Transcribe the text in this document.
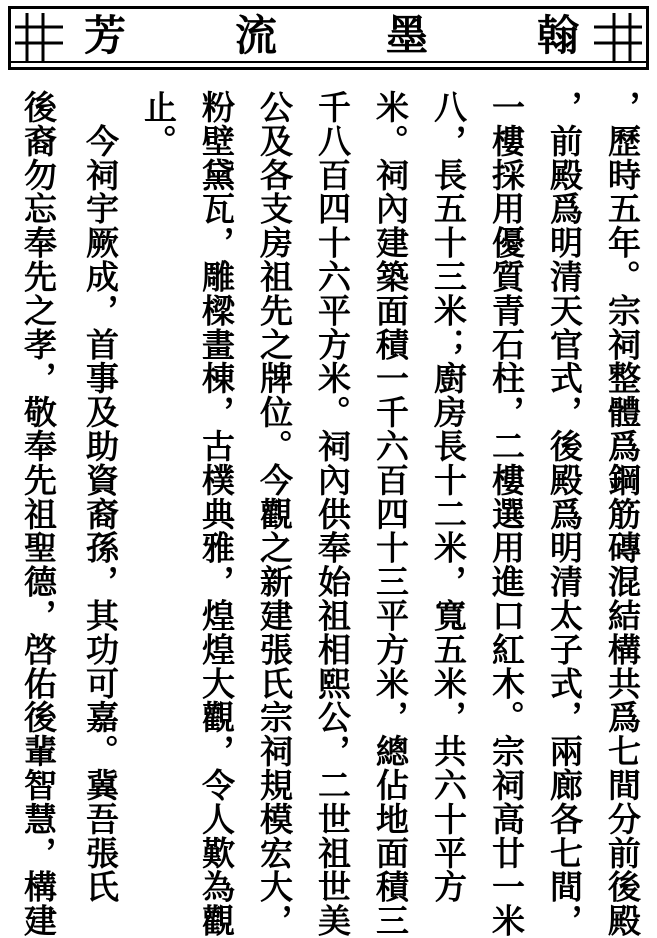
芳	流	墨	翰
，歷時五年。宗祠整體爲鋼筋磚混結構共爲七間分前後殿
，前殿爲明清天官式，後殿爲明清太子式，兩廊各七間，
一樓採用優質青石柱，二樓選用進口紅木。宗祠高廿一米
八，長五十三米；廚房長十二米，寬五米，共六十平方
米。祠內建築面積一千六百四十三平方米，總佔地面積三
千八百四十六平方米。祠內供奉始祖相熙公，二世祖世美
公及各支房祖先之牌位。今觀之新建張氏宗祠規模宏大，
粉壁黛瓦，雕樑畫棟，古樸典雅，煌煌大觀，令人歎為觀
止。
　今祠宇厥成，首事及助資裔孫，其功可嘉。冀吾張氏
後裔勿忘奉先之孝，敬奉先祖聖德，啓佑後輩智慧，構建
